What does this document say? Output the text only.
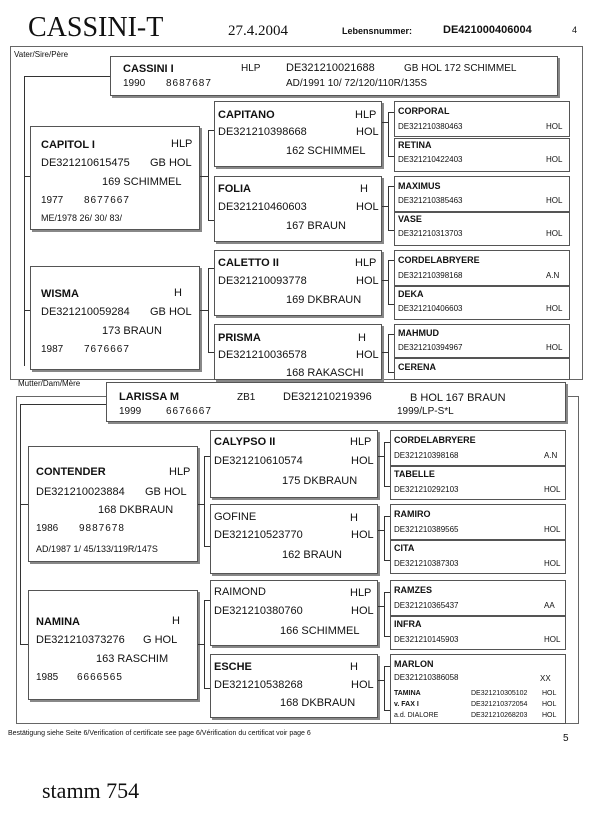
CASSINI-T	27.4.2004	Lebensnummer:	DE421000406004	4
Vater/Sire/Père
CASSINI I	HLP DE321210021688	GB HOL 172 SCHIMMEL
1990 8687687	AD/1991 10/ 72/120/110R/135S
CAPITOL I	HLP
DE321210615475 GB HOL
169 SCHIMMEL
1977 8677667
ME/1978 26/ 30/ 83/
WISMA	H
DE321210059284 GB HOL
173 BRAUN
1987 7676667
CAPITANO	HLP
DE321210398668	HOL
162 SCHIMMEL
FOLIA	H
DE321210460603	HOL
167 BRAUN
CALETTO II	HLP
DE321210093778	HOL
169 DKBRAUN
PRISMA	H
DE321210036578	HOL
168 RAKASCHI
CORPORAL
DE321210380463	HOL
RETINA
DE321210422403	HOL
MAXIMUS
DE321210385463	HOL
VASE
DE321210313703	HOL
CORDELABRYERE
DE321210398168	A.N
DEKA
DE321210406603	HOL
MAHMUD
DE321210394967	HOL
CERENA
Mutter/Dam/Mère
LARISSA M	ZB1	DE321210219396	B HOL 167 BRAUN
1999 6676667	1999/LP-S*L
CONTENDER	HLP
DE321210023884 GB HOL
168 DKBRAUN
1986 9887678
AD/1987 1/ 45/133/119R/147S
NAMINA	H
DE321210373276 G HOL
163 RASCHIM
1985 6666565
CALYPSO II	HLP
DE321210610574	HOL
175 DKBRAUN
GOFINE	H
DE321210523770	HOL
162 BRAUN
RAIMOND	HLP
DE321210380760	HOL
166 SCHIMMEL
ESCHE	H
DE321210538268	HOL
168 DKBRAUN
CORDELABRYERE
DE321210398168	A.N
TABELLE
DE321210292103	HOL
RAMIRO
DE321210389565	HOL
CITA
DE321210387303	HOL
RAMZES
DE321210365437	AA
INFRA
DE321210145903	HOL
MARLON
DE321210386058	XX
TAMINA	DE321210305102 HOL
v. FAX I	DE321210372054 HOL
a.d. DIALORE	DE321210268203 HOL
Bestätigung siehe Seite 6/Verification of certificate see page 6/Vérification du certificat voir page 6	5
stamm 754
